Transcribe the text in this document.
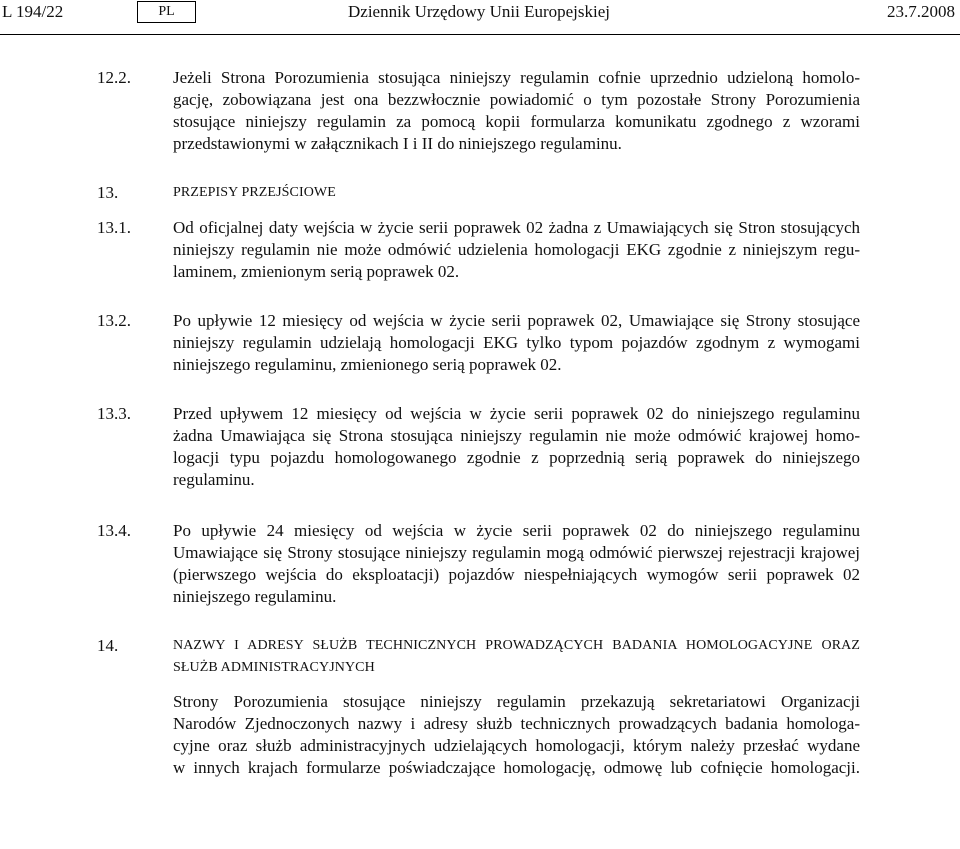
L 194/22	PL	Dziennik Urzędowy Unii Europejskiej	23.7.2008
12.2. Jeżeli Strona Porozumienia stosująca niniejszy regulamin cofnie uprzednio udzieloną homolo-
gację, zobowiązana jest ona bezzwłocznie powiadomić o tym pozostałe Strony Porozumienia
stosujące niniejszy regulamin za pomocą kopii formularza komunikatu zgodnego z wzorami
przedstawionymi w załącznikach I i II do niniejszego regulaminu.
13.	PRZEPISY PRZEJŚCIOWE
13.1. Od oficjalnej daty wejścia w życie serii poprawek 02 żadna z Umawiających się Stron stosujących
niniejszy regulamin nie może odmówić udzielenia homologacji EKG zgodnie z niniejszym regu-
laminem, zmienionym serią poprawek 02.
13.2. Po upływie 12 miesięcy od wejścia w życie serii poprawek 02, Umawiające się Strony stosujące
niniejszy regulamin udzielają homologacji EKG tylko typom pojazdów zgodnym z wymogami
niniejszego regulaminu, zmienionego serią poprawek 02.
13.3. Przed upływem 12 miesięcy od wejścia w życie serii poprawek 02 do niniejszego regulaminu
żadna Umawiająca się Strona stosująca niniejszy regulamin nie może odmówić krajowej homo-
logacji typu pojazdu homologowanego zgodnie z poprzednią serią poprawek do niniejszego
regulaminu.
13.4. Po upływie 24 miesięcy od wejścia w życie serii poprawek 02 do niniejszego regulaminu
Umawiające się Strony stosujące niniejszy regulamin mogą odmówić pierwszej rejestracji krajowej
(pierwszego wejścia do eksploatacji) pojazdów niespełniających wymogów serii poprawek 02
niniejszego regulaminu.
14.	NAZWY I ADRESY SŁUŻB TECHNICZNYCH PROWADZĄCYCH BADANIA HOMOLOGACYJNE ORAZ
SŁUŻB ADMINISTRACYJNYCH
Strony Porozumienia stosujące niniejszy regulamin przekazują sekretariatowi Organizacji
Narodów Zjednoczonych nazwy i adresy służb technicznych prowadzących badania homologa-
cyjne oraz służb administracyjnych udzielających homologacji, którym należy przesłać wydane
w innych krajach formularze poświadczające homologację, odmowę lub cofnięcie homologacji.
